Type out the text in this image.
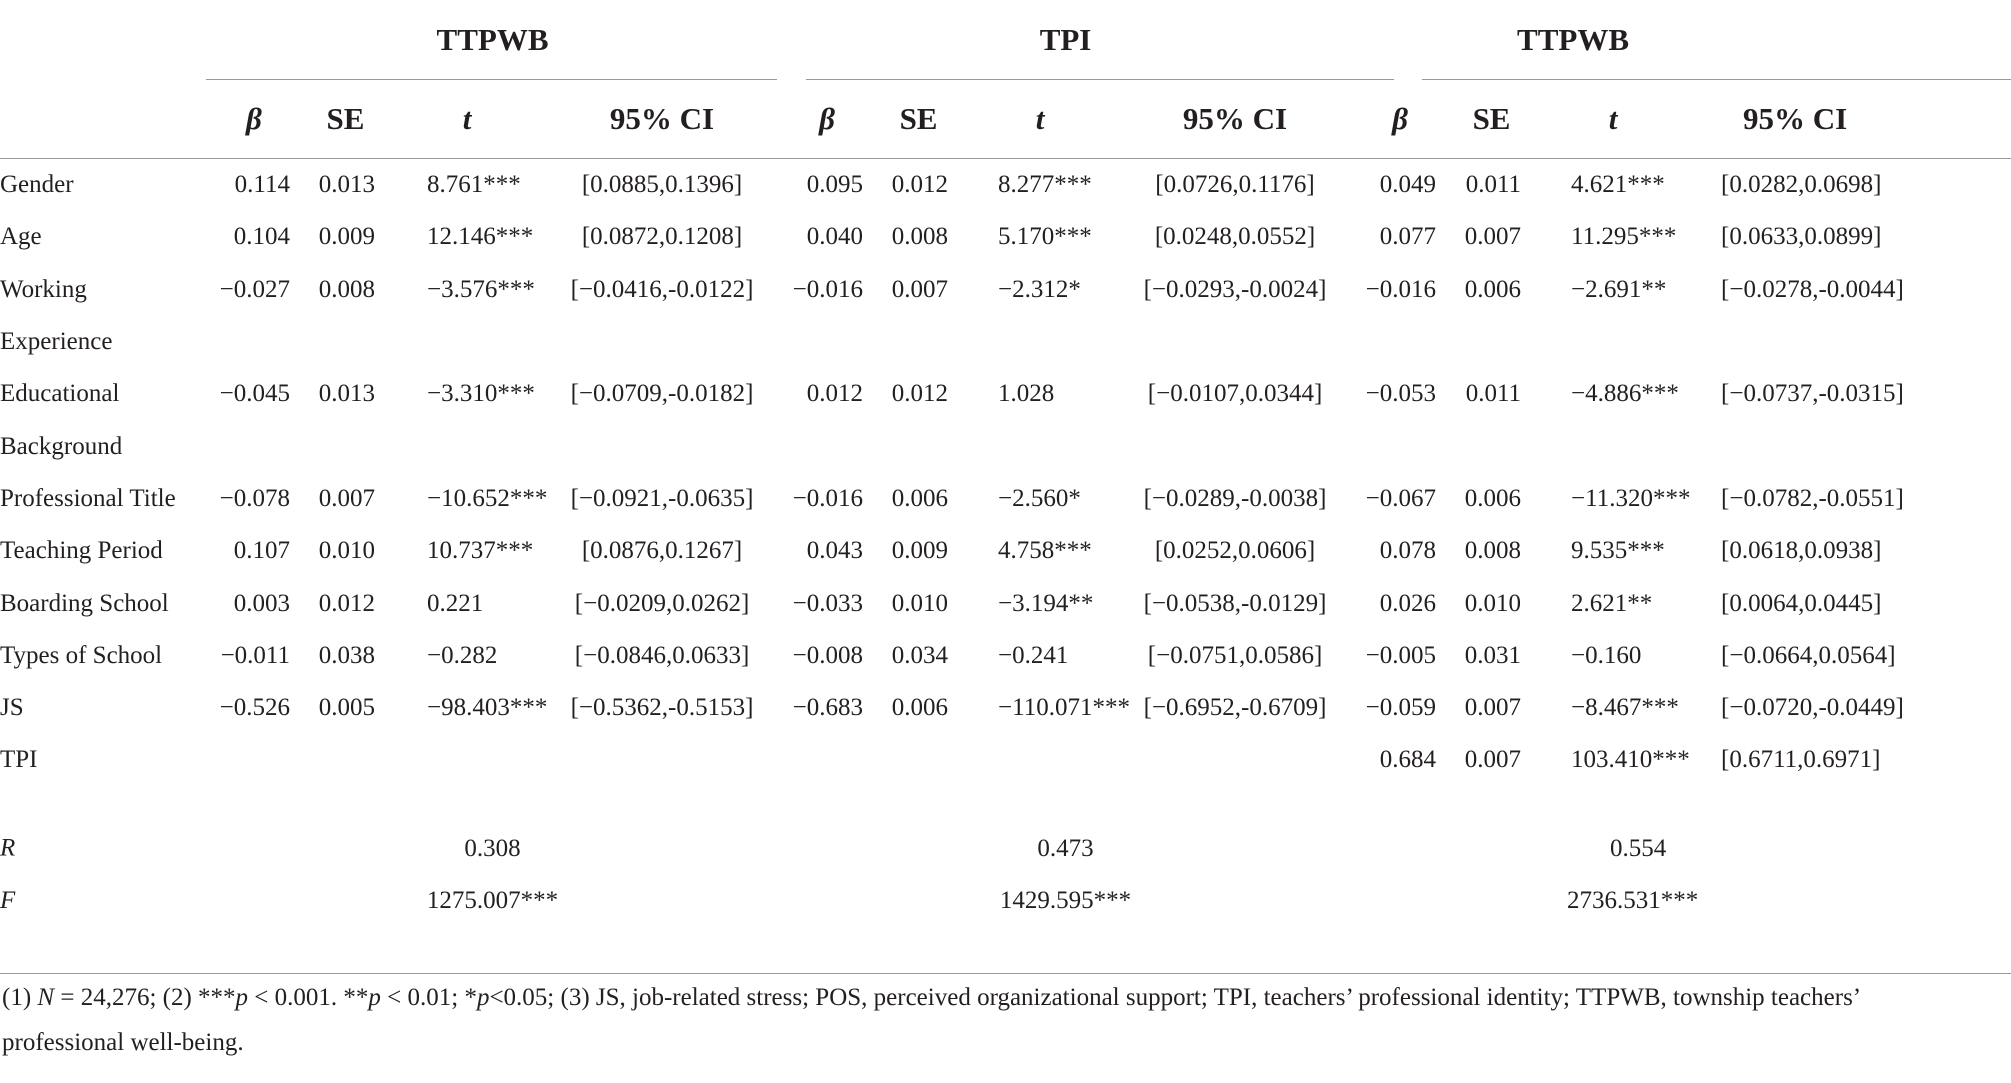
	TTPWB				TPI				TTPWB			
	β	SE	t	95% CI	β	SE	t	95% CI	β	SE	t	95% CI
Gender	0.114	0.013	8.761***	[0.0885,0.1396]	0.095	0.012	8.277***	[0.0726,0.1176]	0.049	0.011	4.621***	[0.0282,0.0698]
Age	0.104	0.009	12.146***	[0.0872,0.1208]	0.040	0.008	5.170***	[0.0248,0.0552]	0.077	0.007	11.295***	[0.0633,0.0899]
Working	−0.027	0.008	−3.576***	[−0.0416,-0.0122]	−0.016	0.007	−2.312*	[−0.0293,-0.0024]	−0.016	0.006	−2.691**	[−0.0278,-0.0044]
Experience												
Educational	−0.045	0.013	−3.310***	[−0.0709,-0.0182]	0.012	0.012	1.028	[−0.0107,0.0344]	−0.053	0.011	−4.886***	[−0.0737,-0.0315]
Background												
Professional Title	−0.078	0.007	−10.652***	[−0.0921,-0.0635]	−0.016	0.006	−2.560*	[−0.0289,-0.0038]	−0.067	0.006	−11.320***	[−0.0782,-0.0551]
Teaching Period	0.107	0.010	10.737***	[0.0876,0.1267]	0.043	0.009	4.758***	[0.0252,0.0606]	0.078	0.008	9.535***	[0.0618,0.0938]
Boarding School	0.003	0.012	0.221	[−0.0209,0.0262]	−0.033	0.010	−3.194**	[−0.0538,-0.0129]	0.026	0.010	2.621**	[0.0064,0.0445]
Types of School	−0.011	0.038	−0.282	[−0.0846,0.0633]	−0.008	0.034	−0.241	[−0.0751,0.0586]	−0.005	0.031	−0.160	[−0.0664,0.0564]
JS	−0.526	0.005	−98.403***	[−0.5362,-0.5153]	−0.683	0.006	−110.071***	[−0.6952,-0.6709]	−0.059	0.007	−8.467***	[−0.0720,-0.0449]
TPI									0.684	0.007	103.410***	[0.6711,0.6971]

R	0.308				0.473				0.554			
F	1275.007***				1429.595***				2736.531***			

(1) N = 24,276; (2) ***p < 0.001. **p < 0.01; *p<0.05; (3) JS, job-related stress; POS, perceived organizational support; TPI, teachers’ professional identity; TTPWB, township teachers’
professional well-being.
